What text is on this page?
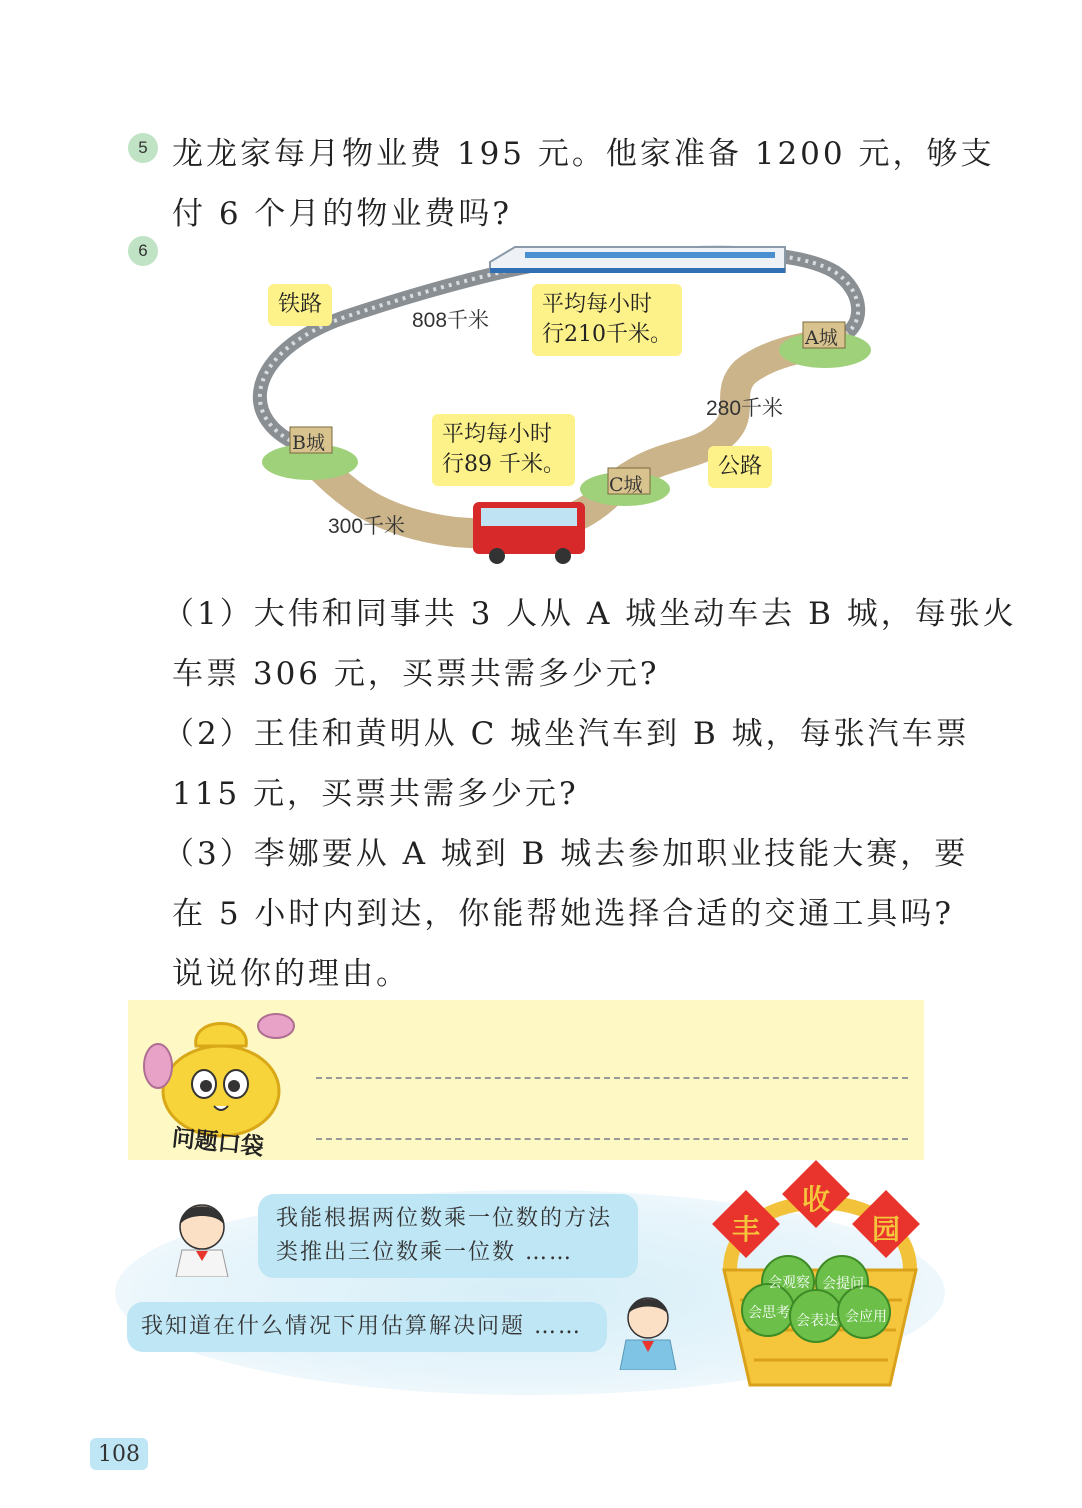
5 龙龙家每月物业费 195 元。他家准备 1200 元，够支
付 6 个月的物业费吗?
6
铁路
808千米
平均每小时
行210千米。	A城
280千米
平均每小时
行89 千米。
B城
公路
C城
300千米
（1）大伟和同事共 3 人从 A 城坐动车去 B 城，每张火
车票 306 元，买票共需多少元?
（2）王佳和黄明从 C 城坐汽车到 B 城，每张汽车票
115 元，买票共需多少元?
（3）李娜要从 A 城到 B 城去参加职业技能大赛，要
在 5 小时内到达，你能帮她选择合适的交通工具吗?
说说你的理由。
问题口袋
我能根据两位数乘一位数的方法
类推出三位数乘一位数 ……
我知道在什么情况下用估算解决问题 ……
丰
收
园
会观察 会提问
会思考 会表达 会应用
108
